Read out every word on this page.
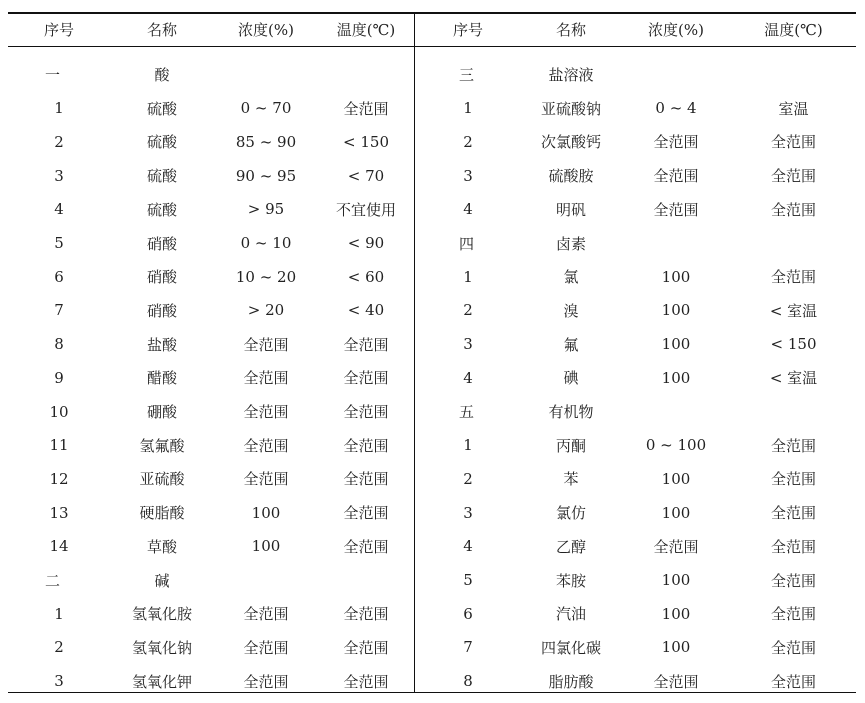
序号	名称	浓度(%)	温度(℃)
一	酸
1	硫酸	0 ~ 70	全范围
2	硫酸	85 ~ 90	< 150
3	硫酸	90 ~ 95	< 70
4	硫酸	> 95	不宜使用
5	硝酸	0 ~ 10	< 90
6	硝酸	10 ~ 20	< 60
7	硝酸	> 20	< 40
8	盐酸	全范围	全范围
9	醋酸	全范围	全范围
10	硼酸	全范围	全范围
11	氢氟酸	全范围	全范围
12	亚硫酸	全范围	全范围
13	硬脂酸	100	全范围
14	草酸	100	全范围
二	碱
1	氢氧化胺	全范围	全范围
2	氢氧化钠	全范围	全范围
3	氢氧化钾	全范围	全范围
序号	名称	浓度(%)	温度(℃)
三	盐溶液
1	亚硫酸钠	0 ~ 4	室温
2	次氯酸钙	全范围	全范围
3	硫酸胺	全范围	全范围
4	明矾	全范围	全范围
四	卤素
1	氯	100	全范围
2	溴	100	< 室温
3	氟	100	< 150
4	碘	100	< 室温
五	有机物
1	丙酮	0 ~ 100	全范围
2	苯	100	全范围
3	氯仿	100	全范围
4	乙醇	全范围	全范围
5	苯胺	100	全范围
6	汽油	100	全范围
7	四氯化碳	100	全范围
8	脂肪酸	全范围	全范围
